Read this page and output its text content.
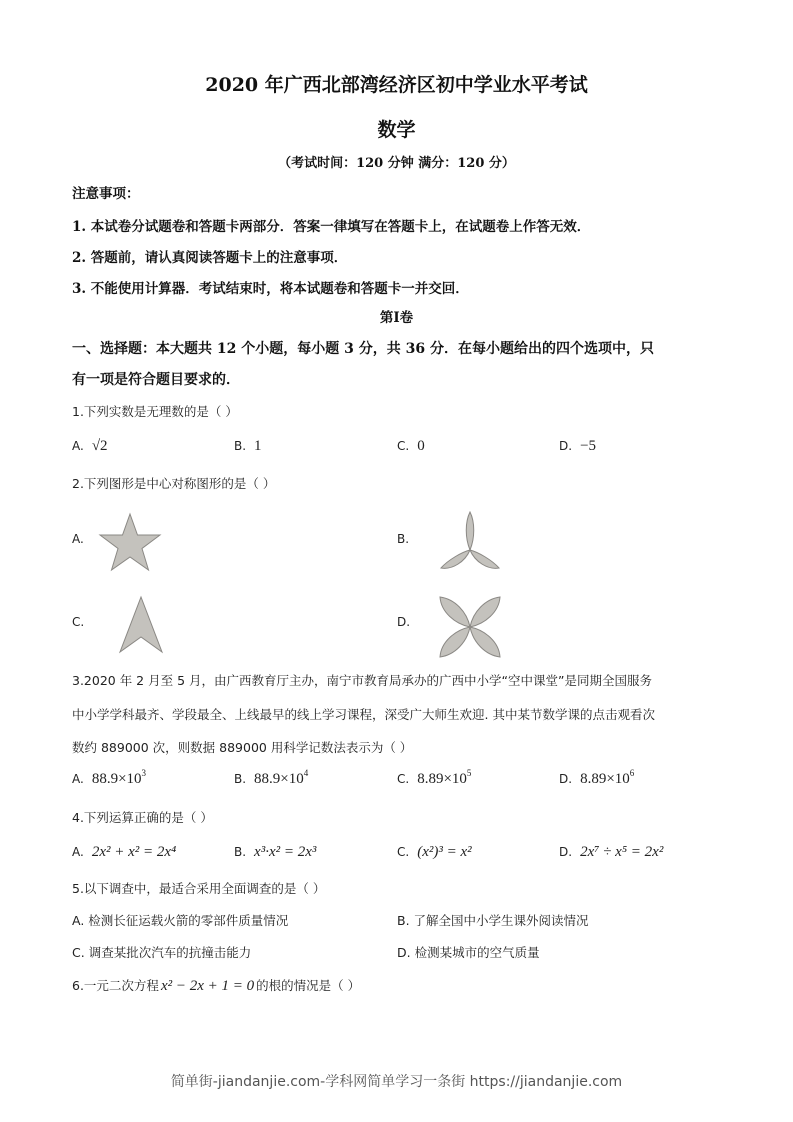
2020 年广西北部湾经济区初中学业水平考试
数学
（考试时间：120 分钟 满分：120 分）
注意事项：
1. 本试卷分试题卷和答题卡两部分．答案一律填写在答题卡上，在试题卷上作答无效．
2. 答题前，请认真阅读答题卡上的注意事项．
3. 不能使用计算器．考试结束时，将本试题卷和答题卡一并交回．
第Ⅰ卷
一、选择题：本大题共 12 个小题，每小题 3 分，共 36 分．在每小题给出的四个选项中，只
有一项是符合题目要求的．
1.下列实数是无理数的是（ ）
A. √2	B. 1	C. 0	D. −5
2.下列图形是中心对称图形的是（ ）
A.	B.
C.	D.
3.2020 年 2 月至 5 月，由广西教育厅主办，南宁市教育局承办的广西中小学“空中课堂”是同期全国服务
中小学学科最齐、学段最全、上线最早的线上学习课程，深受广大师生欢迎. 其中某节数学课的点击观看次
数约 889000 次，则数据 889000 用科学记数法表示为（ ）
A. $88.9\times 10^3$	B. $88.9\times 10^4$	C. $8.89\times 10^5$	D. $8.89\times 10^6$
4.下列运算正确的是（ ）
A. 2x² + x² = 2x⁴	B. x³·x² = 2x³	C. (x²)³ = x²	D. 2x⁷ ÷ x⁵ = 2x²
5.以下调查中，最适合采用全面调查的是（ ）
A. 检测长征运载火箭的零部件质量情况	B. 了解全国中小学生课外阅读情况
C. 调查某批次汽车的抗撞击能力	D. 检测某城市的空气质量
6.一元二次方程 x² − 2x + 1 = 0 的根的情况是（ ）
简单街-jiandanjie.com-学科网简单学习一条街 https://jiandanjie.com
